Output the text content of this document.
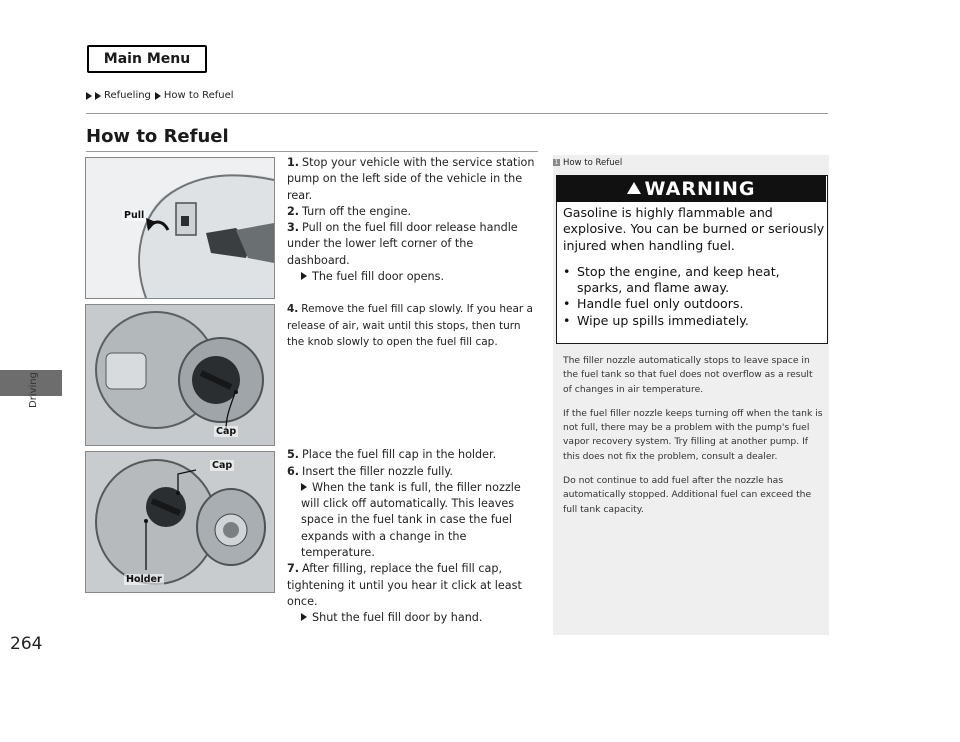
Main Menu
Refueling How to Refuel
How to Refuel
Driving
264
Pull
Cap
Cap
Holder
1. Stop your vehicle with the service station pump on the left side of the vehicle in the rear.
2. Turn off the engine.
3. Pull on the fuel fill door release handle under the lower left corner of the dashboard.
The fuel fill door opens.
4. Remove the fuel fill cap slowly. If you hear a release of air, wait until this stops, then turn the knob slowly to open the fuel fill cap.
5. Place the fuel fill cap in the holder.
6. Insert the filler nozzle fully.
When the tank is full, the filler nozzle will click off automatically. This leaves space in the fuel tank in case the fuel expands with a change in the temperature.
7. After filling, replace the fuel fill cap, tightening it until you hear it click at least once.
Shut the fuel fill door by hand.
1 How to Refuel
WARNING
Gasoline is highly flammable and explosive. You can be burned or seriously injured when handling fuel.
• Stop the engine, and keep heat, sparks, and flame away.
• Handle fuel only outdoors.
• Wipe up spills immediately.

The filler nozzle automatically stops to leave space in the fuel tank so that fuel does not overflow as a result of changes in air temperature.

If the fuel filler nozzle keeps turning off when the tank is not full, there may be a problem with the pump's fuel vapor recovery system. Try filling at another pump. If this does not fix the problem, consult a dealer.

Do not continue to add fuel after the nozzle has automatically stopped. Additional fuel can exceed the full tank capacity.
